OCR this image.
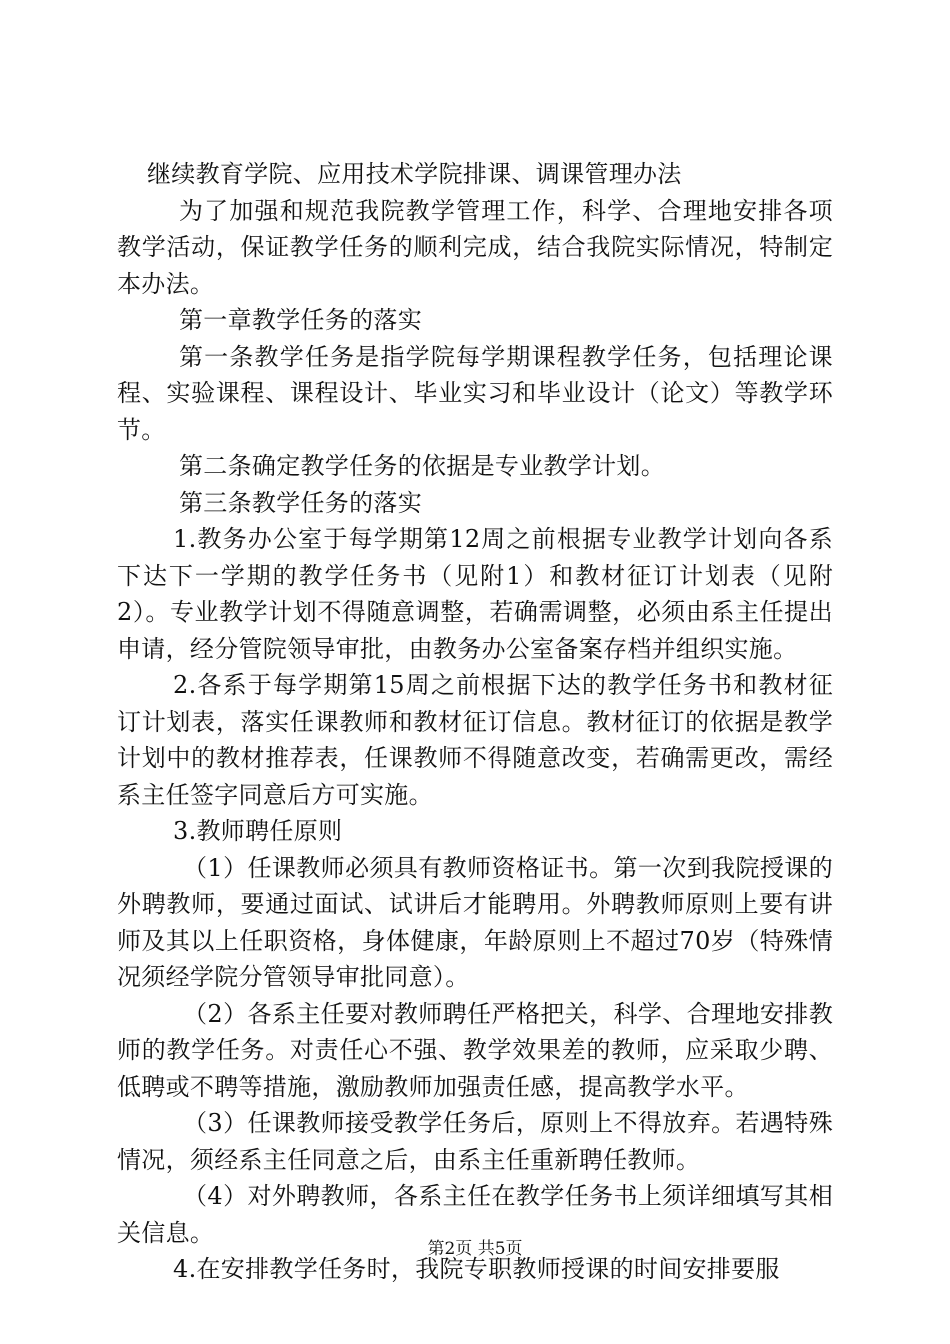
继续教育学院、应用技术学院排课、调课管理办法

为了加强和规范我院教学管理工作，科学、合理地安排各项教学活动，保证教学任务的顺利完成，结合我院实际情况，特制定本办法。

第一章教学任务的落实

第一条教学任务是指学院每学期课程教学任务，包括理论课程、实验课程、课程设计、毕业实习和毕业设计（论文）等教学环节。

第二条确定教学任务的依据是专业教学计划。

第三条教学任务的落实

1.教务办公室于每学期第12周之前根据专业教学计划向各系下达下一学期的教学任务书（见附1）和教材征订计划表（见附2）。专业教学计划不得随意调整，若确需调整，必须由系主任提出申请，经分管院领导审批，由教务办公室备案存档并组织实施。

2.各系于每学期第15周之前根据下达的教学任务书和教材征订计划表，落实任课教师和教材征订信息。教材征订的依据是教学计划中的教材推荐表，任课教师不得随意改变，若确需更改，需经系主任签字同意后方可实施。

3.教师聘任原则

（1）任课教师必须具有教师资格证书。第一次到我院授课的外聘教师，要通过面试、试讲后才能聘用。外聘教师原则上要有讲师及其以上任职资格，身体健康，年龄原则上不超过70岁（特殊情况须经学院分管领导审批同意）。

（2）各系主任要对教师聘任严格把关，科学、合理地安排教师的教学任务。对责任心不强、教学效果差的教师，应采取少聘、低聘或不聘等措施，激励教师加强责任感，提高教学水平。

（3）任课教师接受教学任务后，原则上不得放弃。若遇特殊情况，须经系主任同意之后，由系主任重新聘任教师。

（4）对外聘教师，各系主任在教学任务书上须详细填写其相关信息。

4.在安排教学任务时，我院专职教师授课的时间安排要服

第2页 共5页
